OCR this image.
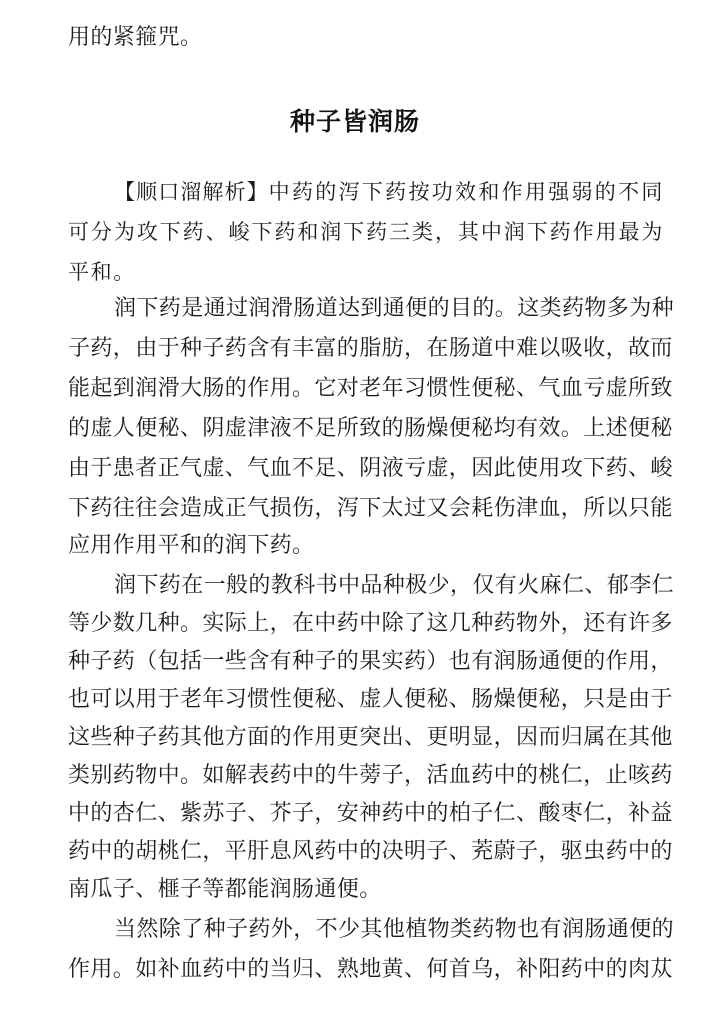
用的紧箍咒。
种子皆润肠
【顺口溜解析】中药的泻下药按功效和作用强弱的不同
可分为攻下药、峻下药和润下药三类，其中润下药作用最为
平和。
润下药是通过润滑肠道达到通便的目的。这类药物多为种
子药，由于种子药含有丰富的脂肪，在肠道中难以吸收，故而
能起到润滑大肠的作用。它对老年习惯性便秘、气血亏虚所致
的虚人便秘、阴虚津液不足所致的肠燥便秘均有效。上述便秘
由于患者正气虚、气血不足、阴液亏虚，因此使用攻下药、峻
下药往往会造成正气损伤，泻下太过又会耗伤津血，所以只能
应用作用平和的润下药。
润下药在一般的教科书中品种极少，仅有火麻仁、郁李仁
等少数几种。实际上，在中药中除了这几种药物外，还有许多
种子药（包括一些含有种子的果实药）也有润肠通便的作用，
也可以用于老年习惯性便秘、虚人便秘、肠燥便秘，只是由于
这些种子药其他方面的作用更突出、更明显，因而归属在其他
类别药物中。如解表药中的牛蒡子，活血药中的桃仁，止咳药
中的杏仁、紫苏子、芥子，安神药中的柏子仁、酸枣仁，补益
药中的胡桃仁，平肝息风药中的决明子、茺蔚子，驱虫药中的
南瓜子、榧子等都能润肠通便。
当然除了种子药外，不少其他植物类药物也有润肠通便的
作用。如补血药中的当归、熟地黄、何首乌，补阳药中的肉苁
